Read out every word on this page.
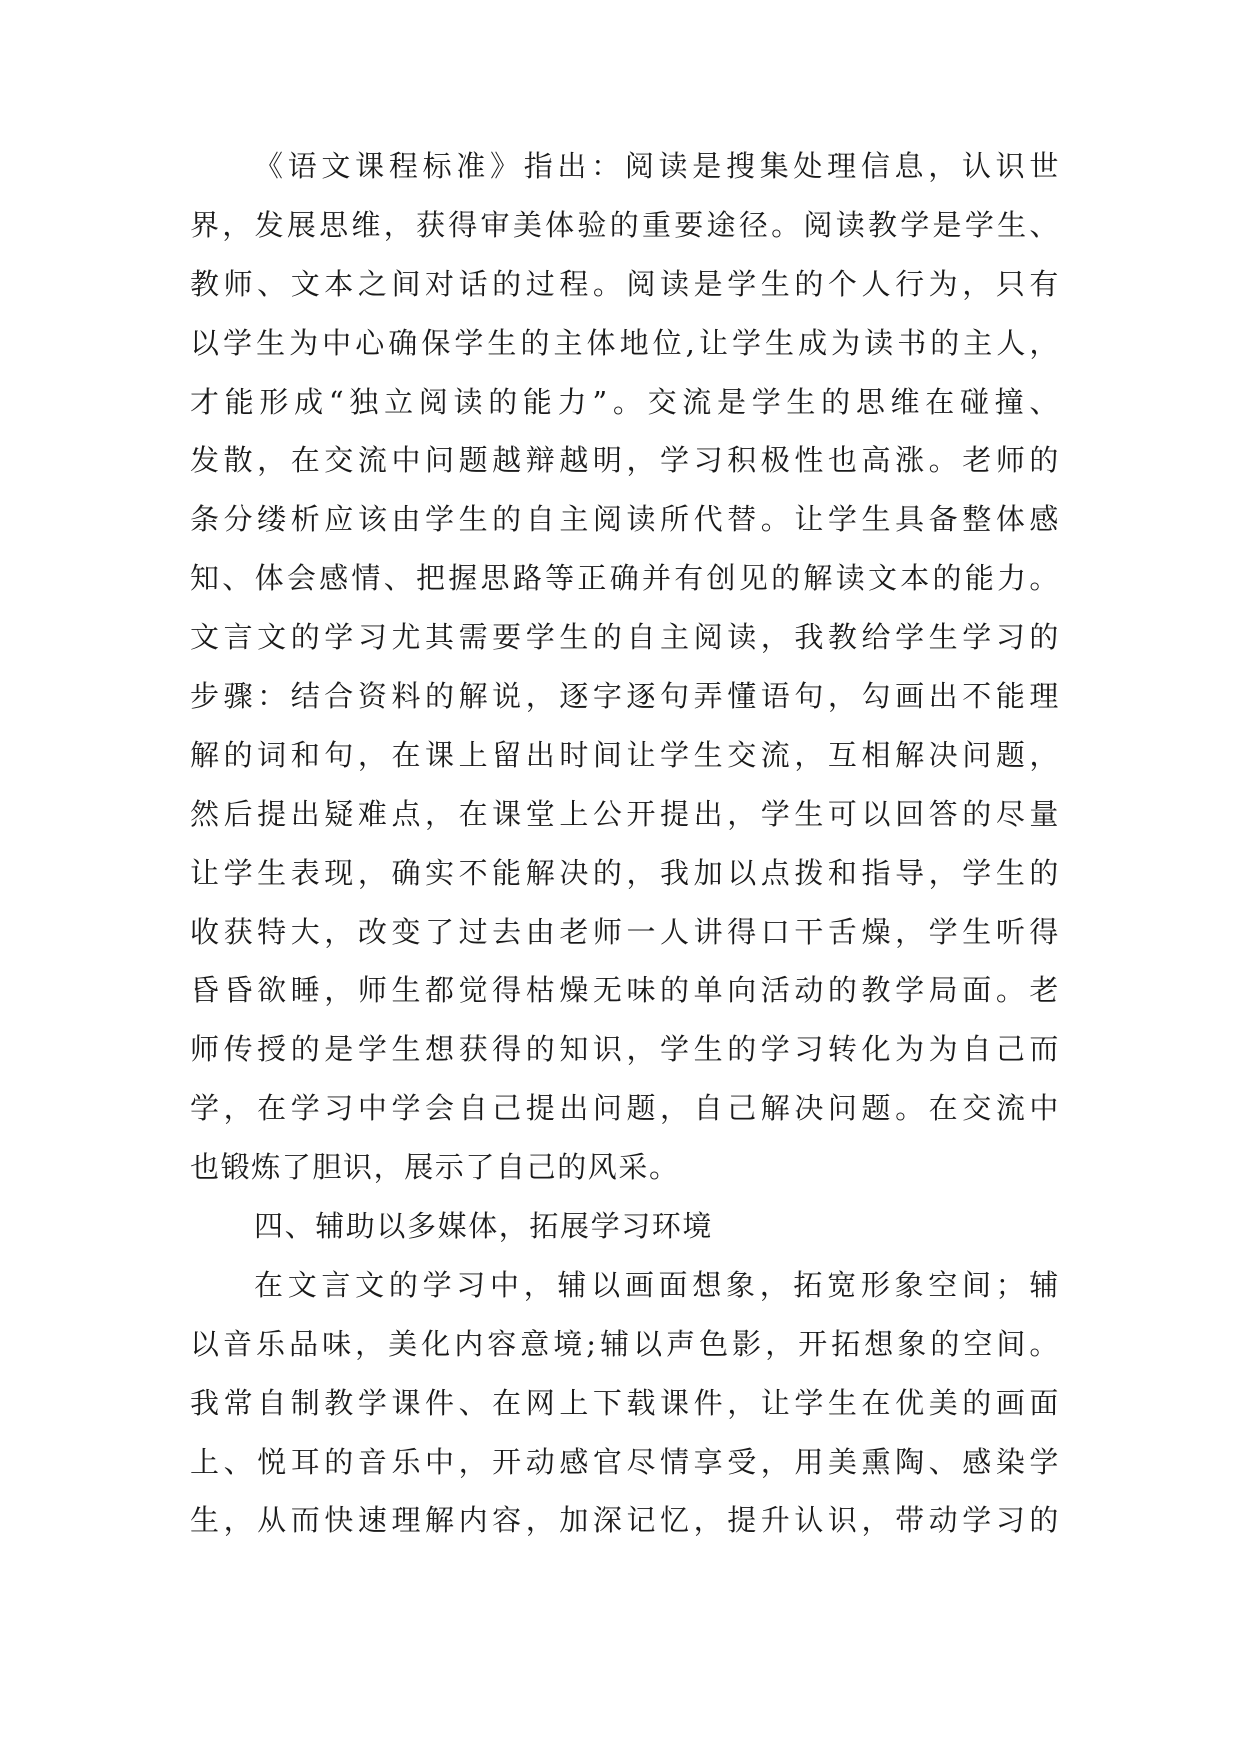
《语文课程标准》指出：阅读是搜集处理信息，认识世
界，发展思维，获得审美体验的重要途径。阅读教学是学生、
教师、文本之间对话的过程。阅读是学生的个人行为，只有
以学生为中心确保学生的主体地位,让学生成为读书的主人，
才能形成“独立阅读的能力”。交流是学生的思维在碰撞、
发散，在交流中问题越辩越明，学习积极性也高涨。老师的
条分缕析应该由学生的自主阅读所代替。让学生具备整体感
知、体会感情、把握思路等正确并有创见的解读文本的能力。
文言文的学习尤其需要学生的自主阅读，我教给学生学习的
步骤：结合资料的解说，逐字逐句弄懂语句，勾画出不能理
解的词和句，在课上留出时间让学生交流，互相解决问题，
然后提出疑难点，在课堂上公开提出，学生可以回答的尽量
让学生表现，确实不能解决的，我加以点拨和指导，学生的
收获特大，改变了过去由老师一人讲得口干舌燥，学生听得
昏昏欲睡，师生都觉得枯燥无味的单向活动的教学局面。老
师传授的是学生想获得的知识，学生的学习转化为为自己而
学，在学习中学会自己提出问题，自己解决问题。在交流中
也锻炼了胆识，展示了自己的风采。
四、辅助以多媒体，拓展学习环境
在文言文的学习中，辅以画面想象，拓宽形象空间；辅
以音乐品味，美化内容意境;辅以声色影，开拓想象的空间。
我常自制教学课件、在网上下载课件，让学生在优美的画面
上、悦耳的音乐中，开动感官尽情享受，用美熏陶、感染学
生，从而快速理解内容，加深记忆，提升认识，带动学习的
